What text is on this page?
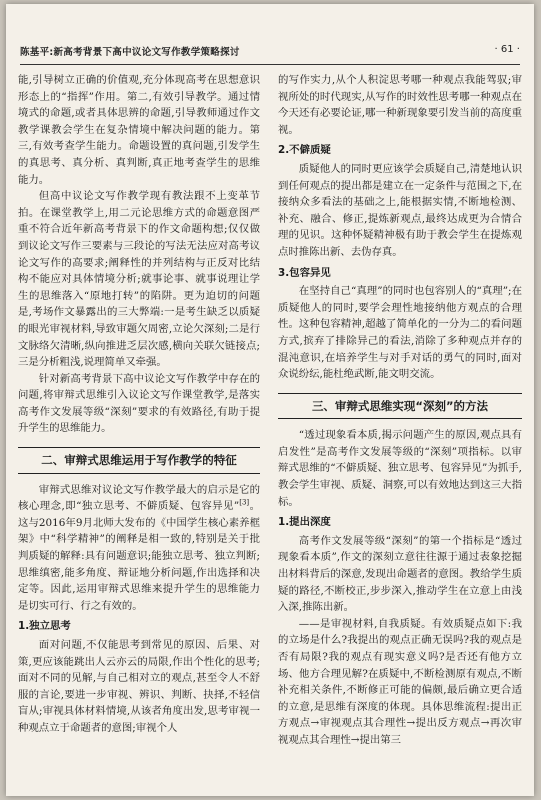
陈基平:新高考背景下高中议论文写作教学策略探讨	· 61 ·

能,引导树立正确的价值观,充分体现高考在思想意识形态上的“指挥”作用。第二,有效引导教学。通过情境式的命题,或者具体思辨的命题,引导教师通过作文教学课教会学生在复杂情境中解决问题的能力。第三,有效考查学生能力。命题设置的真问题,引发学生的真思考、真分析、真判断,真正地考查学生的思维能力。

但高中议论文写作教学现有教法跟不上变革节拍。在课堂教学上,用二元论思维方式的命题意图严重不符合近年新高考背景下的作文命题构想;仅仅做到议论文写作三要素与三段论的写法无法应对高考议论文写作的高要求;阐释性的并列结构与正反对比结构不能应对具体情境分析;就事论事、就事说理让学生的思维落入“原地打转”的陷阱。更为迫切的问题是,考场作文暴露出的三大弊端:一是考生缺乏以质疑的眼光审视材料,导致审题欠周密,立论欠深刻;二是行文脉络欠清晰,纵向推进乏层次感,横向关联欠链接点;三是分析粗浅,说理简单又牵强。

针对新高考背景下高中议论文写作教学中存在的问题,将审辩式思维引入议论文写作课堂教学,是落实高考作文发展等级“深刻”要求的有效路径,有助于提升学生的思维能力。

二、审辩式思维运用于写作教学的特征

审辩式思维对议论文写作教学最大的启示是它的核心理念,即“独立思考、不僻质疑、包容异见”[3]。这与2016年9月北师大发布的《中国学生核心素养框架》中“科学精神”的阐释是相一致的,特别是关于批判质疑的解释:具有问题意识;能独立思考、独立判断;思维缜密,能多角度、辩证地分析问题,作出选择和决定等。因此,运用审辩式思维来提升学生的思维能力是切实可行、行之有效的。

1.独立思考

面对问题,不仅能思考到常见的原因、后果、对策,更应该能跳出人云亦云的局限,作出个性化的思考;面对不同的见解,与自己相对立的观点,甚至令人不舒服的言论,要进一步审视、辨识、判断、抉择,不轻信盲从;审视具体材料情境,从该者角度出发,思考审视一种观点立于命题者的意图;审视个人

的写作实力,从个人积淀思考哪一种观点我能驾驭;审视所处的时代现实,从写作的时效性思考哪一种观点在今天还有必要论证,哪一种新现象要引发当前的高度重视。

2.不僻质疑

质疑他人的同时更应该学会质疑自己,清楚地认识到任何观点的提出都是建立在一定条件与范围之下,在接纳众多看法的基础之上,能根据实情,不断地检测、补充、融合、修正,提炼新观点,最终达成更为合情合理的见识。这种怀疑精神极有助于教会学生在提炼观点时推陈出新、去伪存真。

3.包容异见

在坚持自己“真理”的同时也包容别人的“真理”;在质疑他人的同时,要学会理性地接纳他方观点的合理性。这种包容精神,超越了简单化的一分为二的看问题方式,摈弃了排除异己的看法,消除了多种观点并存的混沌意识,在培养学生与对手对话的勇气的同时,面对众说纷纭,能杜绝武断,能文明交流。

三、审辩式思维实现“深刻”的方法

“透过现象看本质,揭示问题产生的原因,观点具有启发性”是高考作文发展等级的“深刻”项指标。以审辩式思维的“不僻质疑、独立思考、包容异见”为抓手,教会学生审视、质疑、洞察,可以有效地达到这三大指标。

1.提出深度

高考作文发展等级“深刻”的第一个指标是“透过现象看本质”,作文的深刻立意往往源于通过表象挖掘出材料背后的深意,发现出命题者的意图。教给学生质疑的路径,不断校正,步步深入,推动学生在立意上由浅入深,推陈出新。

——是审视材料,自我质疑。有效质疑点如下:我的立场是什么?我提出的观点正确无误吗?我的观点是否有局限?我的观点有现实意义吗?是否还有他方立场、他方合理见解?在质疑中,不断检测原有观点,不断补充相关条件,不断修正可能的偏颇,最后确立更合适的立意,是思维有深度的体现。具体思维流程:提出正方观点→审视观点其合理性→提出反方观点→再次审视观点其合理性→提出第三
